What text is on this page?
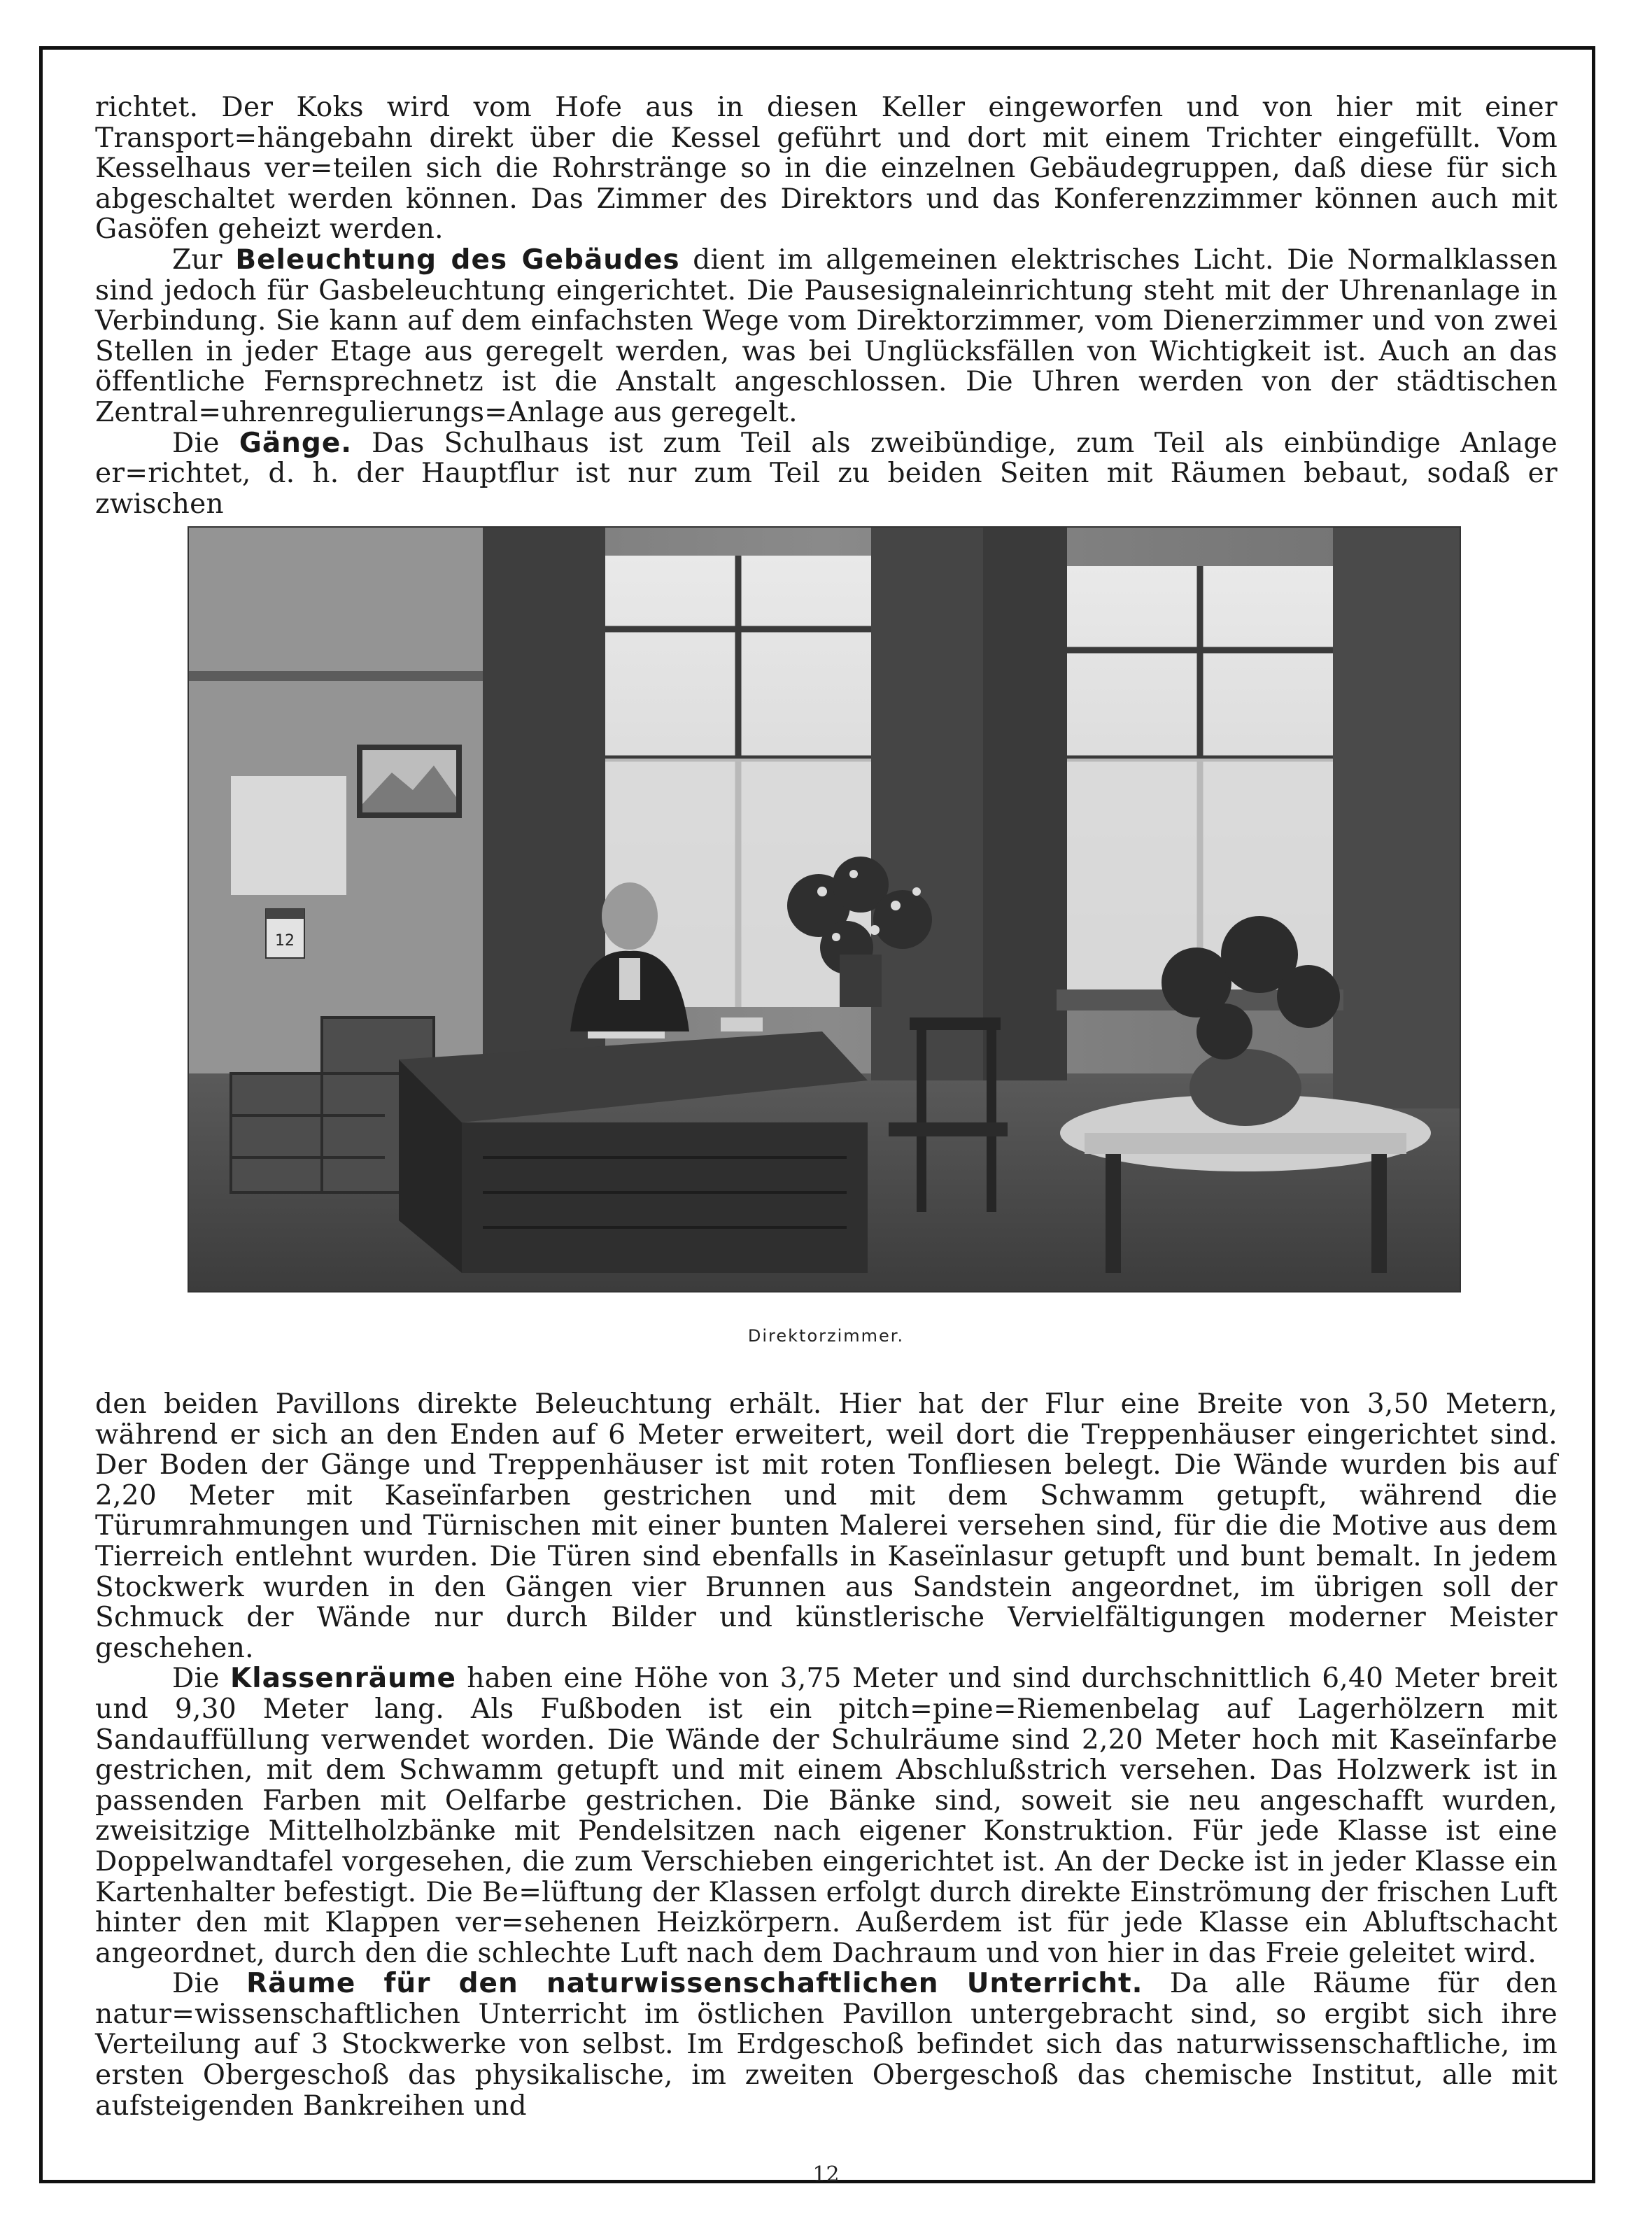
richtet. Der Koks wird vom Hofe aus in diesen Keller eingeworfen und von hier mit einer Transport=hängebahn direkt über die Kessel geführt und dort mit einem Trichter eingefüllt. Vom Kesselhaus ver=teilen sich die Rohrstränge so in die einzelnen Gebäudegruppen, daß diese für sich abgeschaltet werden können. Das Zimmer des Direktors und das Konferenzzimmer können auch mit Gasöfen geheizt werden.

Zur Beleuchtung des Gebäudes dient im allgemeinen elektrisches Licht. Die Normalklassen sind jedoch für Gasbeleuchtung eingerichtet. Die Pausesignaleinrichtung steht mit der Uhrenanlage in Verbindung. Sie kann auf dem einfachsten Wege vom Direktorzimmer, vom Dienerzimmer und von zwei Stellen in jeder Etage aus geregelt werden, was bei Unglücksfällen von Wichtigkeit ist. Auch an das öffentliche Fernsprechnetz ist die Anstalt angeschlossen. Die Uhren werden von der städtischen Zentral=uhrenregulierungs=Anlage aus geregelt.

Die Gänge. Das Schulhaus ist zum Teil als zweibündige, zum Teil als einbündige Anlage er=richtet, d. h. der Hauptflur ist nur zum Teil zu beiden Seiten mit Räumen bebaut, sodaß er zwischen

12
Direktorzimmer.

den beiden Pavillons direkte Beleuchtung erhält. Hier hat der Flur eine Breite von 3,50 Metern, während er sich an den Enden auf 6 Meter erweitert, weil dort die Treppenhäuser eingerichtet sind. Der Boden der Gänge und Treppenhäuser ist mit roten Tonfliesen belegt. Die Wände wurden bis auf 2,20 Meter mit Kaseïnfarben gestrichen und mit dem Schwamm getupft, während die Türumrahmungen und Türnischen mit einer bunten Malerei versehen sind, für die die Motive aus dem Tierreich entlehnt wurden. Die Türen sind ebenfalls in Kaseïnlasur getupft und bunt bemalt. In jedem Stockwerk wurden in den Gängen vier Brunnen aus Sandstein angeordnet, im übrigen soll der Schmuck der Wände nur durch Bilder und künstlerische Vervielfältigungen moderner Meister geschehen.

Die Klassenräume haben eine Höhe von 3,75 Meter und sind durchschnittlich 6,40 Meter breit und 9,30 Meter lang. Als Fußboden ist ein pitch=pine=Riemenbelag auf Lagerhölzern mit Sandauffüllung verwendet worden. Die Wände der Schulräume sind 2,20 Meter hoch mit Kaseïnfarbe gestrichen, mit dem Schwamm getupft und mit einem Abschlußstrich versehen. Das Holzwerk ist in passenden Farben mit Oelfarbe gestrichen. Die Bänke sind, soweit sie neu angeschafft wurden, zweisitzige Mittelholzbänke mit Pendelsitzen nach eigener Konstruktion. Für jede Klasse ist eine Doppelwandtafel vorgesehen, die zum Verschieben eingerichtet ist. An der Decke ist in jeder Klasse ein Kartenhalter befestigt. Die Be=lüftung der Klassen erfolgt durch direkte Einströmung der frischen Luft hinter den mit Klappen ver=sehenen Heizkörpern. Außerdem ist für jede Klasse ein Abluftschacht angeordnet, durch den die schlechte Luft nach dem Dachraum und von hier in das Freie geleitet wird.

Die Räume für den naturwissenschaftlichen Unterricht. Da alle Räume für den natur=wissenschaftlichen Unterricht im östlichen Pavillon untergebracht sind, so ergibt sich ihre Verteilung auf 3 Stockwerke von selbst. Im Erdgeschoß befindet sich das naturwissenschaftliche, im ersten Obergeschoß das physikalische, im zweiten Obergeschoß das chemische Institut, alle mit aufsteigenden Bankreihen und

12
